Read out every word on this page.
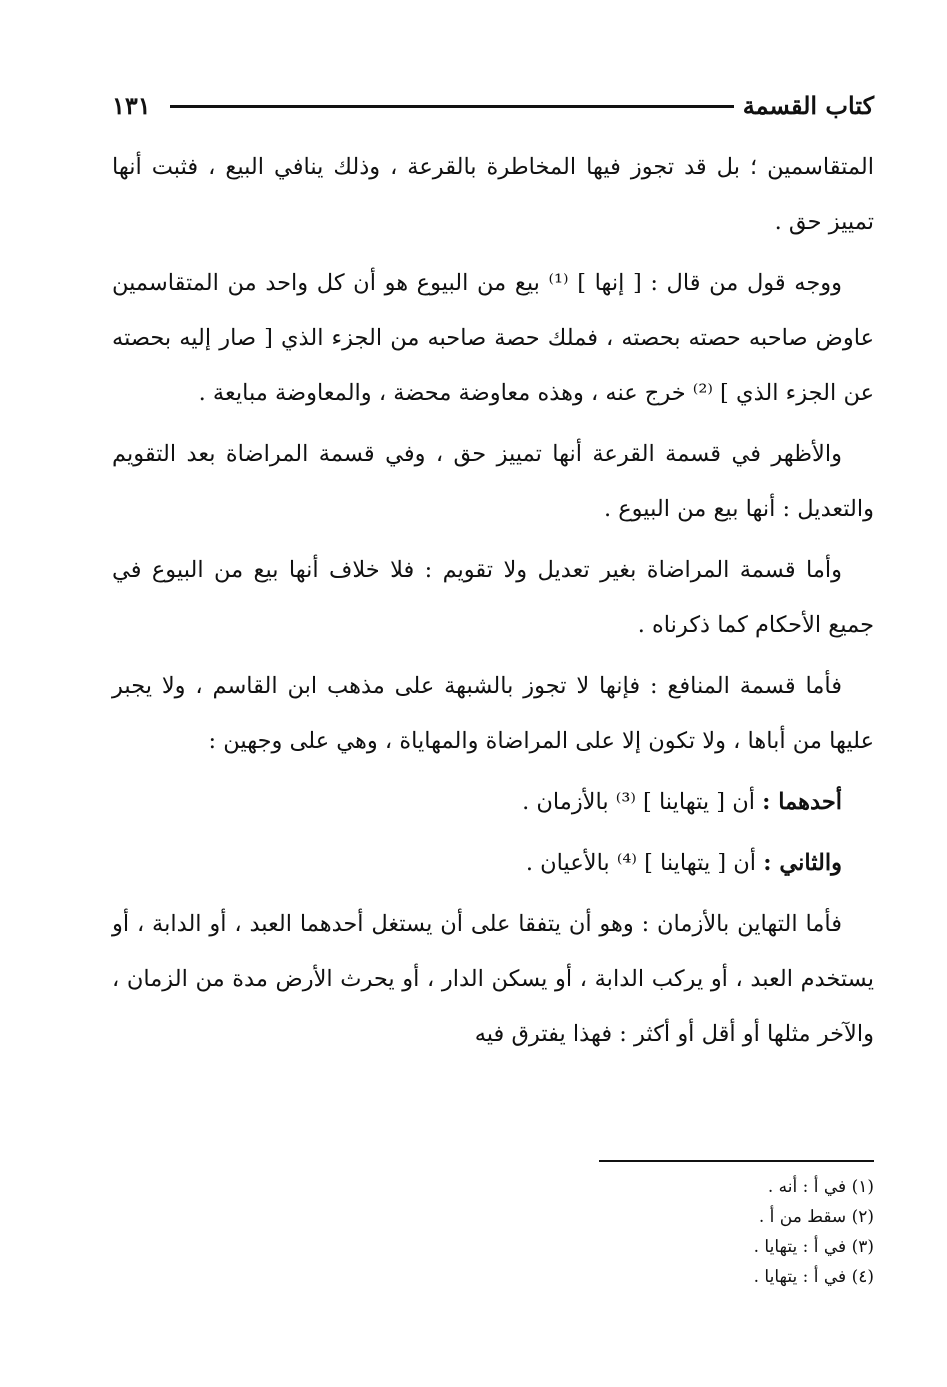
كتاب القسمة
١٣١

المتقاسمين ؛ بل قد تجوز فيها المخاطرة بالقرعة ، وذلك ينافي البيع ، فثبت أنها تمييز حق .

ووجه قول من قال : [ إنها ] ⁽¹⁾ بيع من البيوع هو أن كل واحد من المتقاسمين عاوض صاحبه حصته بحصته ، فملك حصة صاحبه من الجزء الذي [ صار إليه بحصته عن الجزء الذي ] ⁽²⁾ خرج عنه ، وهذه معاوضة محضة ، والمعاوضة مبايعة .

والأظهر في قسمة القرعة أنها تمييز حق ، وفي قسمة المراضاة بعد التقويم والتعديل : أنها بيع من البيوع .

وأما قسمة المراضاة بغير تعديل ولا تقويم : فلا خلاف أنها بيع من البيوع في جميع الأحكام كما ذكرناه .

فأما قسمة المنافع : فإنها لا تجوز بالشبهة على مذهب ابن القاسم ، ولا يجبر عليها من أباها ، ولا تكون إلا على المراضاة والمهاياة ، وهي على وجهين :

أحدهما : أن [ يتهاينا ] ⁽³⁾ بالأزمان .

والثاني : أن [ يتهاينا ] ⁽⁴⁾ بالأعيان .

فأما التهاين بالأزمان : وهو أن يتفقا على أن يستغل أحدهما العبد ، أو الدابة ، أو يستخدم العبد ، أو يركب الدابة ، أو يسكن الدار ، أو يحرث الأرض مدة من الزمان ، والآخر مثلها أو أقل أو أكثر : فهذا يفترق فيه

(١) في أ : أنه .

(٢) سقط من أ .

(٣) في أ : يتهايا .

(٤) في أ : يتهايا .
